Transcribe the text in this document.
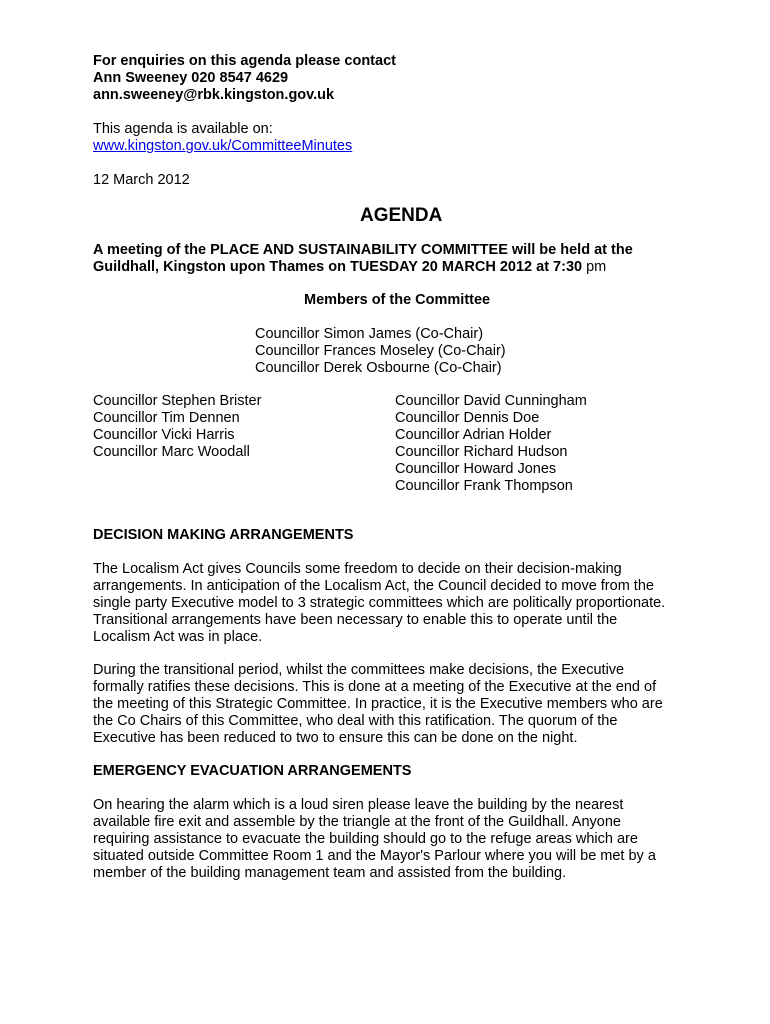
For enquiries on this agenda please contact
Ann Sweeney 020 8547 4629
ann.sweeney@rbk.kingston.gov.uk
This agenda is available on:
www.kingston.gov.uk/CommitteeMinutes
12 March 2012
AGENDA
A meeting of the PLACE AND SUSTAINABILITY COMMITTEE will be held at the
Guildhall, Kingston upon Thames on TUESDAY 20 MARCH 2012 at 7:30 pm
Members of the Committee
Councillor Simon James (Co-Chair)
Councillor Frances Moseley (Co-Chair)
Councillor Derek Osbourne (Co-Chair)
Councillor Stephen Brister
Councillor Tim Dennen
Councillor Vicki Harris
Councillor Marc Woodall
Councillor David Cunningham
Councillor Dennis Doe
Councillor Adrian Holder
Councillor Richard Hudson
Councillor Howard Jones
Councillor Frank Thompson
DECISION MAKING ARRANGEMENTS
The Localism Act gives Councils some freedom to decide on their decision-making
arrangements. In anticipation of the Localism Act, the Council decided to move from the
single party Executive model to 3 strategic committees which are politically proportionate.
Transitional arrangements have been necessary to enable this to operate until the
Localism Act was in place.
During the transitional period, whilst the committees make decisions, the Executive
formally ratifies these decisions. This is done at a meeting of the Executive at the end of
the meeting of this Strategic Committee. In practice, it is the Executive members who are
the Co Chairs of this Committee, who deal with this ratification. The quorum of the
Executive has been reduced to two to ensure this can be done on the night.
EMERGENCY EVACUATION ARRANGEMENTS
On hearing the alarm which is a loud siren please leave the building by the nearest
available fire exit and assemble by the triangle at the front of the Guildhall. Anyone
requiring assistance to evacuate the building should go to the refuge areas which are
situated outside Committee Room 1 and the Mayor's Parlour where you will be met by a
member of the building management team and assisted from the building.
